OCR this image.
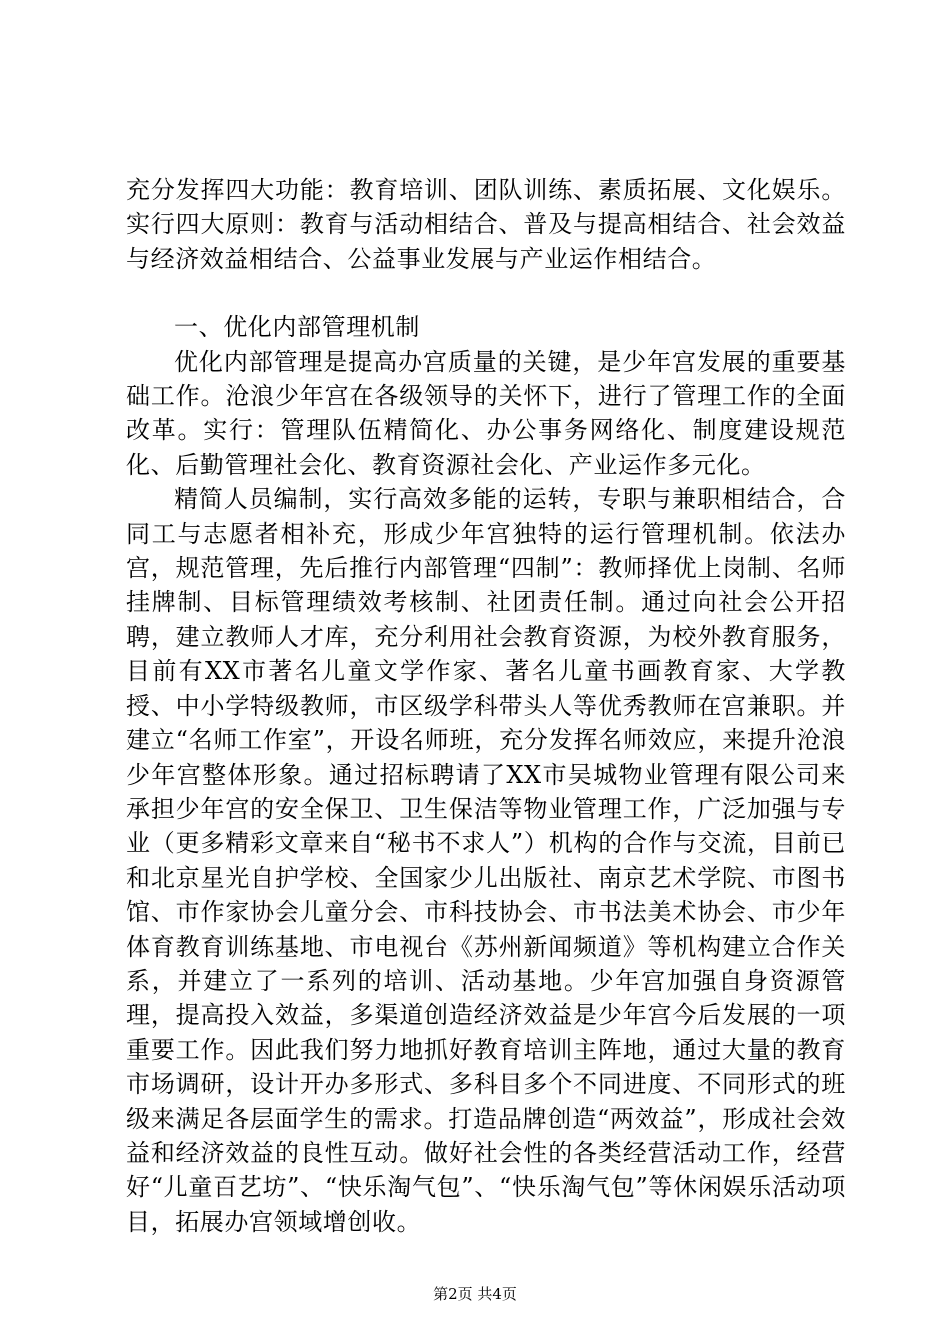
充分发挥四大功能：教育培训、团队训练、素质拓展、文化娱乐。实行四大原则：教育与活动相结合、普及与提高相结合、社会效益与经济效益相结合、公益事业发展与产业运作相结合。

一、优化内部管理机制

优化内部管理是提高办宫质量的关键，是少年宫发展的重要基础工作。沧浪少年宫在各级领导的关怀下，进行了管理工作的全面改革。实行：管理队伍精简化、办公事务网络化、制度建设规范化、后勤管理社会化、教育资源社会化、产业运作多元化。

精简人员编制，实行高效多能的运转，专职与兼职相结合，合同工与志愿者相补充，形成少年宫独特的运行管理机制。依法办宫，规范管理，先后推行内部管理“四制”：教师择优上岗制、名师挂牌制、目标管理绩效考核制、社团责任制。通过向社会公开招聘，建立教师人才库，充分利用社会教育资源，为校外教育服务，目前有XX市著名儿童文学作家、著名儿童书画教育家、大学教授、中小学特级教师，市区级学科带头人等优秀教师在宫兼职。并建立“名师工作室”，开设名师班，充分发挥名师效应，来提升沧浪少年宫整体形象。通过招标聘请了XX市吴城物业管理有限公司来承担少年宫的安全保卫、卫生保洁等物业管理工作，广泛加强与专业（更多精彩文章来自“秘书不求人”）机构的合作与交流，目前已和北京星光自护学校、全国家少儿出版社、南京艺术学院、市图书馆、市作家协会儿童分会、市科技协会、市书法美术协会、市少年体育教育训练基地、市电视台《苏州新闻频道》等机构建立合作关系，并建立了一系列的培训、活动基地。少年宫加强自身资源管理，提高投入效益，多渠道创造经济效益是少年宫今后发展的一项重要工作。因此我们努力地抓好教育培训主阵地，通过大量的教育市场调研，设计开办多形式、多科目多个不同进度、不同形式的班级来满足各层面学生的需求。打造品牌创造“两效益”，形成社会效益和经济效益的良性互动。做好社会性的各类经营活动工作，经营好“儿童百艺坊”、“快乐淘气包”、“快乐淘气包”等休闲娱乐活动项目，拓展办宫领域增创收。

第2页 共4页
